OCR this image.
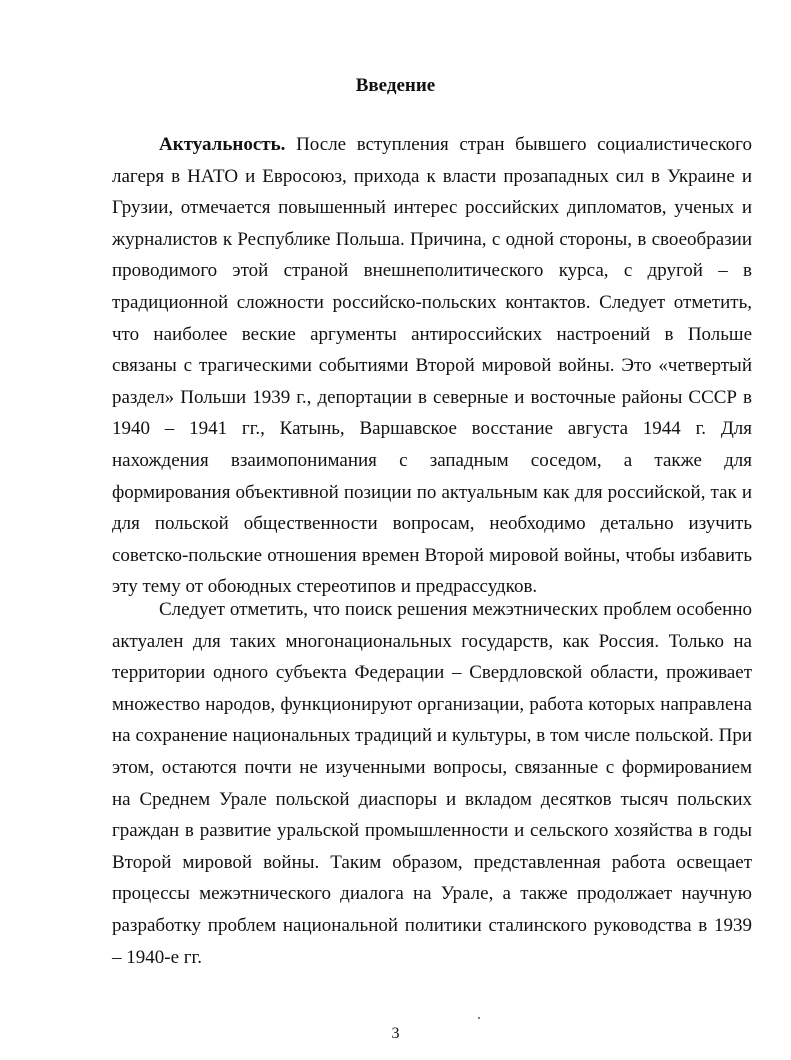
Введение

Актуальность. После вступления стран бывшего социалистического лагеря в НАТО и Евросоюз, прихода к власти прозападных сил в Украине и Грузии, отмечается повышенный интерес российских дипломатов, ученых и журналистов к Республике Польша. Причина, с одной стороны, в своеобразии проводимого этой страной внешнеполитического курса, с другой – в традиционной сложности российско-польских контактов. Следует отметить, что наиболее веские аргументы антироссийских настроений в Польше связаны с трагическими событиями Второй мировой войны. Это «четвертый раздел» Польши 1939 г., депортации в северные и восточные районы СССР в 1940 – 1941 гг., Катынь, Варшавское восстание августа 1944 г. Для нахождения взаимопонимания с западным соседом, а также для формирования объективной позиции по актуальным как для российской, так и для польской общественности вопросам, необходимо детально изучить советско-польские отношения времен Второй мировой войны, чтобы избавить эту тему от обоюдных стереотипов и предрассудков.

Следует отметить, что поиск решения межэтнических проблем особенно актуален для таких многонациональных государств, как Россия. Только на территории одного субъекта Федерации – Свердловской области, проживает множество народов, функционируют организации, работа которых направлена на сохранение национальных традиций и культуры, в том числе польской. При этом, остаются почти не изученными вопросы, связанные с формированием на Среднем Урале польской диаспоры и вкладом десятков тысяч польских граждан в развитие уральской промышленности и сельского хозяйства в годы Второй мировой войны. Таким образом, представленная работа освещает процессы межэтнического диалога на Урале, а также продолжает научную разработку проблем национальной политики сталинского руководства в 1939 – 1940-е гг.

3
